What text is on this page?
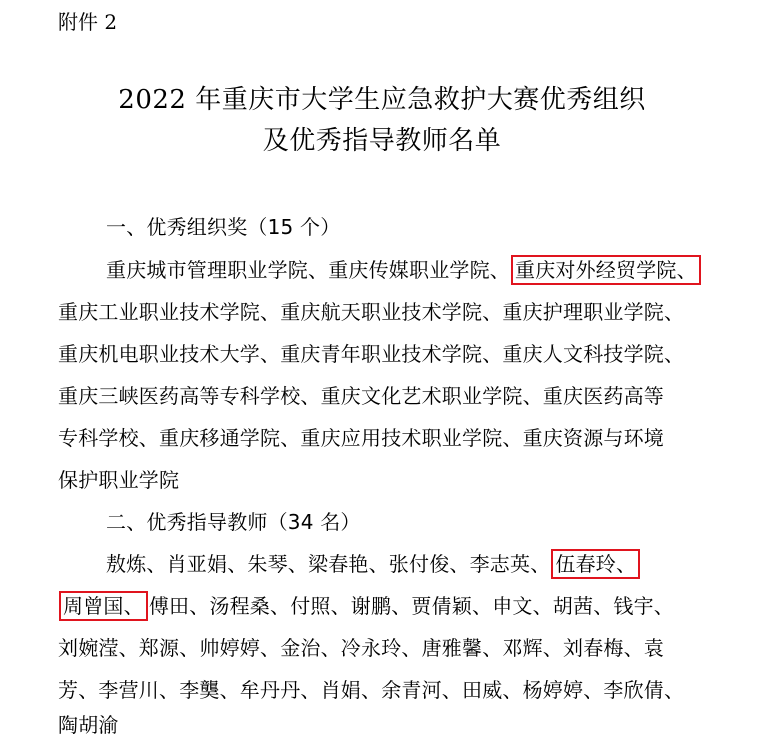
附件 2
2022 年重庆市大学生应急救护大赛优秀组织
及优秀指导教师名单
一、优秀组织奖（15 个）
重庆城市管理职业学院、重庆传媒职业学院、 重庆对外经贸学院、
重庆工业职业技术学院、重庆航天职业技术学院、重庆护理职业学院、
重庆机电职业技术大学、重庆青年职业技术学院、重庆人文科技学院、
重庆三峡医药高等专科学校、重庆文化艺术职业学院、重庆医药高等
专科学校、重庆移通学院、重庆应用技术职业学院、重庆资源与环境
保护职业学院
二、优秀指导教师（34 名）
敖炼、肖亚娟、朱琴、梁春艳、张付俊、李志英、 伍春玲、
周曾国、 傅田、汤程桑、付照、谢鹏、贾倩颖、申文、胡茜、钱宇、
刘婉滢、郑源、帅婷婷、金治、冷永玲、唐雅馨、邓辉、刘春梅、袁
芳、李营川、李龑、牟丹丹、肖娟、余青河、田威、杨婷婷、李欣倩、
陶胡渝
